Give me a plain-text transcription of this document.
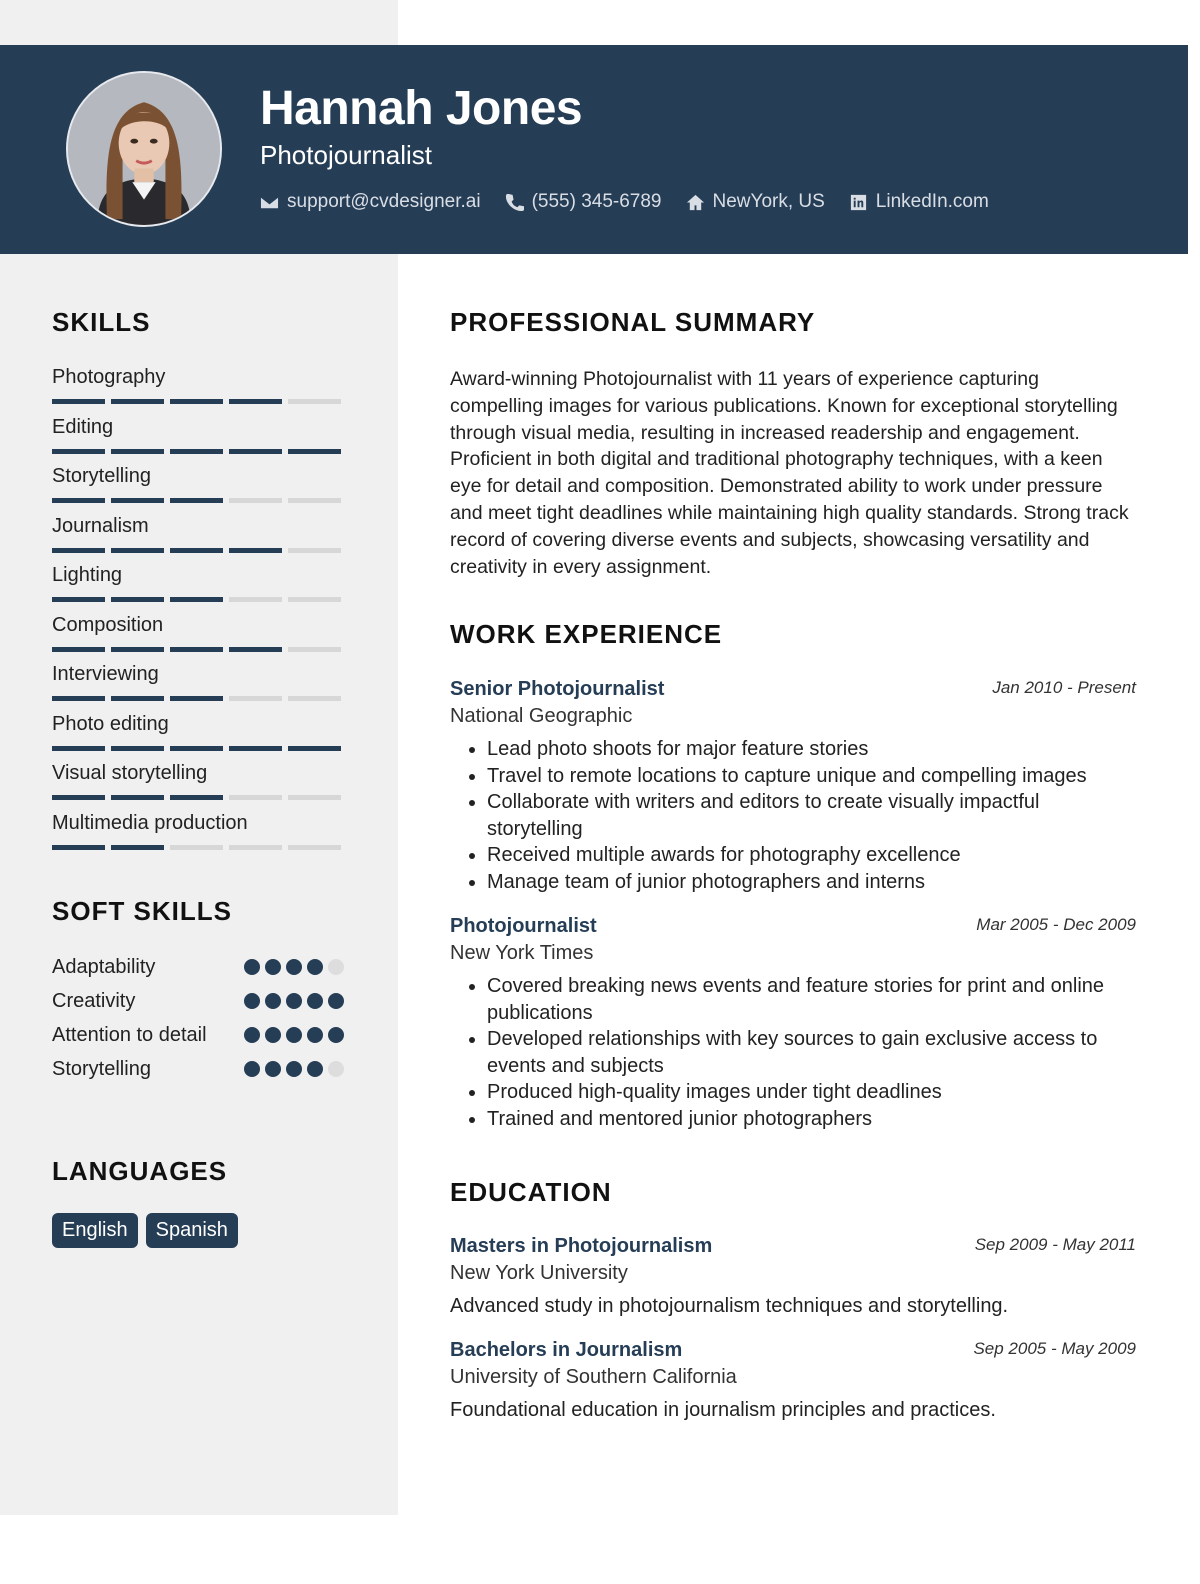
Hannah Jones
Photojournalist
support@cvdesigner.ai	(555) 345-6789	NewYork, US	LinkedIn.com
SKILLS
Photography
Editing
Storytelling
Journalism
Lighting
Composition
Interviewing
Photo editing
Visual storytelling
Multimedia production
SOFT SKILLS
Adaptability
Creativity
Attention to detail
Storytelling
LANGUAGES
English	Spanish
PROFESSIONAL SUMMARY
Award-winning Photojournalist with 11 years of experience capturing compelling images for various publications. Known for exceptional storytelling through visual media, resulting in increased readership and engagement. Proficient in both digital and traditional photography techniques, with a keen eye for detail and composition. Demonstrated ability to work under pressure and meet tight deadlines while maintaining high quality standards. Strong track record of covering diverse events and subjects, showcasing versatility and creativity in every assignment.
WORK EXPERIENCE
Senior Photojournalist	Jan 2010 - Present
National Geographic
• Lead photo shoots for major feature stories
• Travel to remote locations to capture unique and compelling images
• Collaborate with writers and editors to create visually impactful storytelling
• Received multiple awards for photography excellence
• Manage team of junior photographers and interns
Photojournalist	Mar 2005 - Dec 2009
New York Times
• Covered breaking news events and feature stories for print and online publications
• Developed relationships with key sources to gain exclusive access to events and subjects
• Produced high-quality images under tight deadlines
• Trained and mentored junior photographers
EDUCATION
Masters in Photojournalism	Sep 2009 - May 2011
New York University
Advanced study in photojournalism techniques and storytelling.
Bachelors in Journalism	Sep 2005 - May 2009
University of Southern California
Foundational education in journalism principles and practices.
